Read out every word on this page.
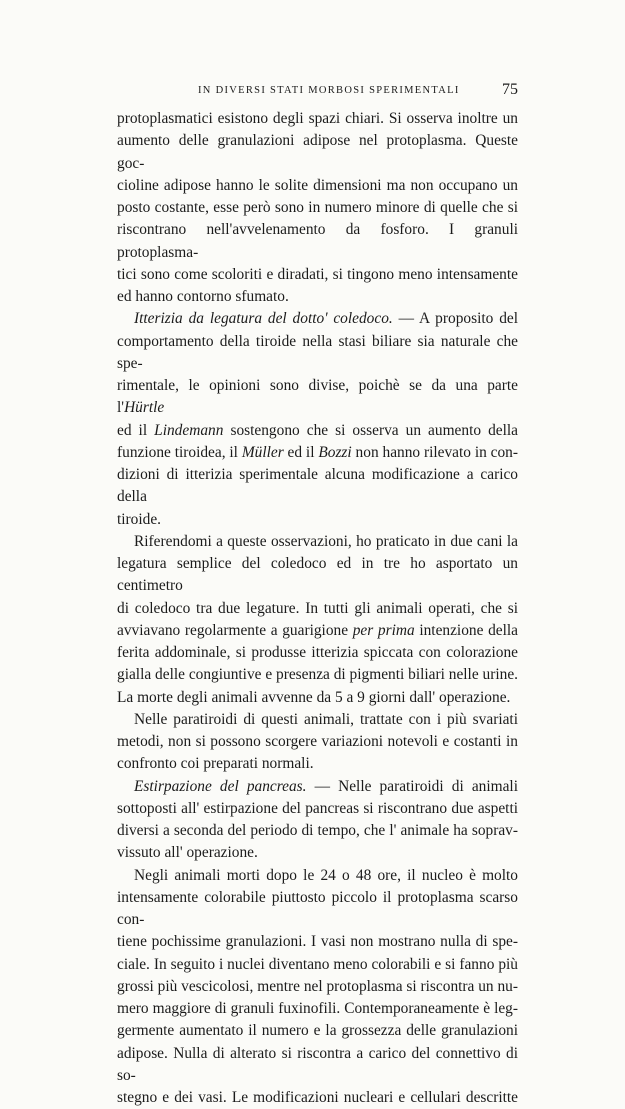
IN DIVERSI STATI MORBOSI SPERIMENTALI	75

protoplasmatici esistono degli spazi chiari. Si osserva inoltre un

aumento delle granulazioni adipose nel protoplasma. Queste goc-

cioline adipose hanno le solite dimensioni ma non occupano un

posto costante, esse però sono in numero minore di quelle che si

riscontrano nell'avvelenamento da fosforo. I granuli protoplasma-

tici sono come scoloriti e diradati, si tingono meno intensamente

ed hanno contorno sfumato.

Itterizia da legatura del dotto' coledoco. — A proposito del

comportamento della tiroide nella stasi biliare sia naturale che spe-

rimentale, le opinioni sono divise, poichè se da una parte l'Hürtle

ed il Lindemann sostengono che si osserva un aumento della

funzione tiroidea, il Müller ed il Bozzi non hanno rilevato in con-

dizioni di itterizia sperimentale alcuna modificazione a carico della

tiroide.

Riferendomi a queste osservazioni, ho praticato in due cani la

legatura semplice del coledoco ed in tre ho asportato un centimetro

di coledoco tra due legature. In tutti gli animali operati, che si

avviavano regolarmente a guarigione per prima intenzione della

ferita addominale, si produsse itterizia spiccata con colorazione

gialla delle congiuntive e presenza di pigmenti biliari nelle urine.

La morte degli animali avvenne da 5 a 9 giorni dall' operazione.

Nelle paratiroidi di questi animali, trattate con i più svariati

metodi, non si possono scorgere variazioni notevoli e costanti in

confronto coi preparati normali.

Estirpazione del pancreas. — Nelle paratiroidi di animali

sottoposti all' estirpazione del pancreas si riscontrano due aspetti

diversi a seconda del periodo di tempo, che l' animale ha soprav-

vissuto all' operazione.

Negli animali morti dopo le 24 o 48 ore, il nucleo è molto

intensamente colorabile piuttosto piccolo il protoplasma scarso con-

tiene pochissime granulazioni. I vasi non mostrano nulla di spe-

ciale. In seguito i nuclei diventano meno colorabili e si fanno più

grossi più vescicolosi, mentre nel protoplasma si riscontra un nu-

mero maggiore di granuli fuxinofili. Contemporaneamente è leg-

germente aumentato il numero e la grossezza delle granulazioni

adipose. Nulla di alterato si riscontra a carico del connettivo di so-

stegno e dei vasi. Le modificazioni nucleari e cellulari descritte
